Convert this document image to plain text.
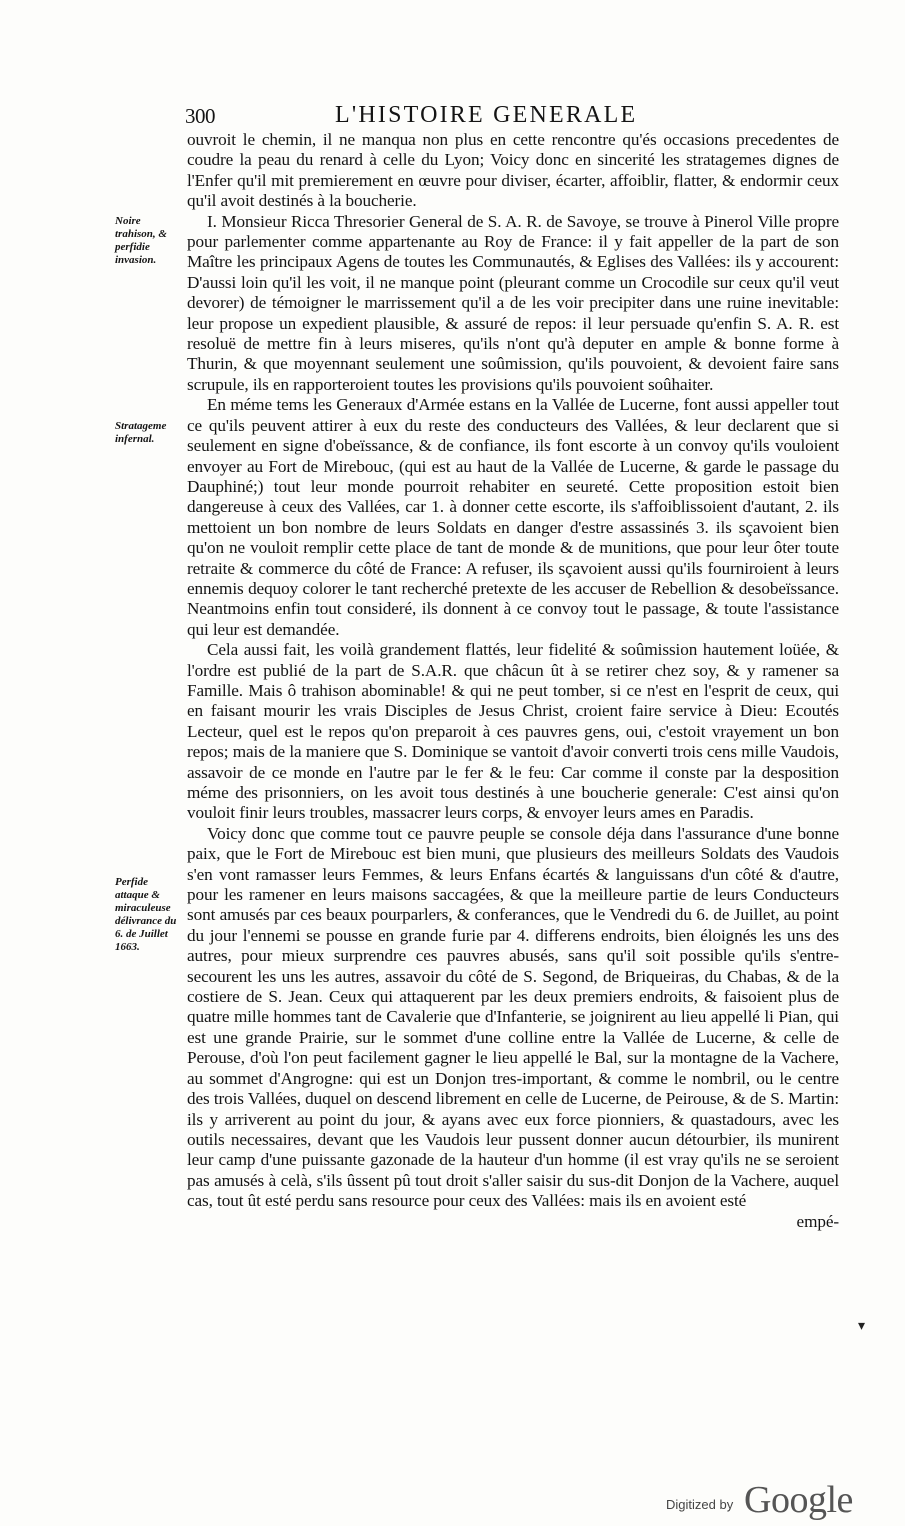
300	L'HISTOIRE GENERALE
Noire trahison, & perfidie invasion.
Stratageme infernal.
Perfide attaque & miraculeuse délivrance du 6. de Juillet 1663.

ouvroit le chemin, il ne manqua non plus en cette rencontre qu'és occasions precedentes de coudre la peau du renard à celle du Lyon; Voicy donc en sincerité les stratagemes dignes de l'Enfer qu'il mit premierement en œuvre pour diviser, écarter, affoiblir, flatter, & endormir ceux qu'il avoit destinés à la boucherie.

I. Monsieur Ricca Thresorier General de S. A. R. de Savoye, se trouve à Pinerol Ville propre pour parlementer comme appartenante au Roy de France: il y fait appeller de la part de son Maître les principaux Agens de toutes les Communautés, & Eglises des Vallées: ils y accourent: D'aussi loin qu'il les voit, il ne manque point (pleurant comme un Crocodile sur ceux qu'il veut devorer) de témoigner le marrissement qu'il a de les voir precipiter dans une ruine inevitable: leur propose un expedient plausible, & assuré de repos: il leur persuade qu'enfin S. A. R. est resoluë de mettre fin à leurs miseres, qu'ils n'ont qu'à deputer en ample & bonne forme à Thurin, & que moyennant seulement une soûmission, qu'ils pouvoient, & devoient faire sans scrupule, ils en rapporteroient toutes les provisions qu'ils pouvoient soûhaiter.

En méme tems les Generaux d'Armée estans en la Vallée de Lucerne, font aussi appeller tout ce qu'ils peuvent attirer à eux du reste des conducteurs des Vallées, & leur declarent que si seulement en signe d'obeïssance, & de confiance, ils font escorte à un convoy qu'ils vouloient envoyer au Fort de Mirebouc, (qui est au haut de la Vallée de Lucerne, & garde le passage du Dauphiné;) tout leur monde pourroit rehabiter en seureté. Cette proposition estoit bien dangereuse à ceux des Vallées, car 1. à donner cette escorte, ils s'affoiblissoient d'autant, 2. ils mettoient un bon nombre de leurs Soldats en danger d'estre assassinés 3. ils sçavoient bien qu'on ne vouloit remplir cette place de tant de monde & de munitions, que pour leur ôter toute retraite & commerce du côté de France: A refuser, ils sçavoient aussi qu'ils fourniroient à leurs ennemis dequoy colorer le tant recherché pretexte de les accuser de Rebellion & desobeïssance. Neantmoins enfin tout consideré, ils donnent à ce convoy tout le passage, & toute l'assistance qui leur est demandée.

Cela aussi fait, les voilà grandement flattés, leur fidelité & soûmission hautement loüée, & l'ordre est publié de la part de S.A.R. que châcun ût à se retirer chez soy, & y ramener sa Famille. Mais ô trahison abominable! & qui ne peut tomber, si ce n'est en l'esprit de ceux, qui en faisant mourir les vrais Disciples de Jesus Christ, croient faire service à Dieu: Ecoutés Lecteur, quel est le repos qu'on preparoit à ces pauvres gens, oui, c'estoit vrayement un bon repos; mais de la maniere que S. Dominique se vantoit d'avoir converti trois cens mille Vaudois, assavoir de ce monde en l'autre par le fer & le feu: Car comme il conste par la desposition méme des prisonniers, on les avoit tous destinés à une boucherie generale: C'est ainsi qu'on vouloit finir leurs troubles, massacrer leurs corps, & envoyer leurs ames en Paradis.

Voicy donc que comme tout ce pauvre peuple se console déja dans l'assurance d'une bonne paix, que le Fort de Mirebouc est bien muni, que plusieurs des meilleurs Soldats des Vaudois s'en vont ramasser leurs Femmes, & leurs Enfans écartés & languissans d'un côté & d'autre, pour les ramener en leurs maisons saccagées, & que la meilleure partie de leurs Conducteurs sont amusés par ces beaux pourparlers, & conferances, que le Vendredi du 6. de Juillet, au point du jour l'ennemi se pousse en grande furie par 4. differens endroits, bien éloignés les uns des autres, pour mieux surprendre ces pauvres abusés, sans qu'il soit possible qu'ils s'entre-secourent les uns les autres, assavoir du côté de S. Segond, de Briqueiras, du Chabas, & de la costiere de S. Jean. Ceux qui attaquerent par les deux premiers endroits, & faisoient plus de quatre mille hommes tant de Cavalerie que d'Infanterie, se joignirent au lieu appellé li Pian, qui est une grande Prairie, sur le sommet d'une colline entre la Vallée de Lucerne, & celle de Perouse, d'où l'on peut facilement gagner le lieu appellé le Bal, sur la montagne de la Vachere, au sommet d'Angrogne: qui est un Donjon tres-important, & comme le nombril, ou le centre des trois Vallées, duquel on descend librement en celle de Lucerne, de Peirouse, & de S. Martin: ils y arriverent au point du jour, & ayans avec eux force pionniers, & quastadours, avec les outils necessaires, devant que les Vaudois leur pussent donner aucun détourbier, ils munirent leur camp d'une puissante gazonade de la hauteur d'un homme (il est vray qu'ils ne se seroient pas amusés à celà, s'ils ûssent pû tout droit s'aller saisir du sus-dit Donjon de la Vachere, auquel cas, tout ût esté perdu sans resource pour ceux des Vallées: mais ils en avoient esté

empé-

▾
Digitized by Google
